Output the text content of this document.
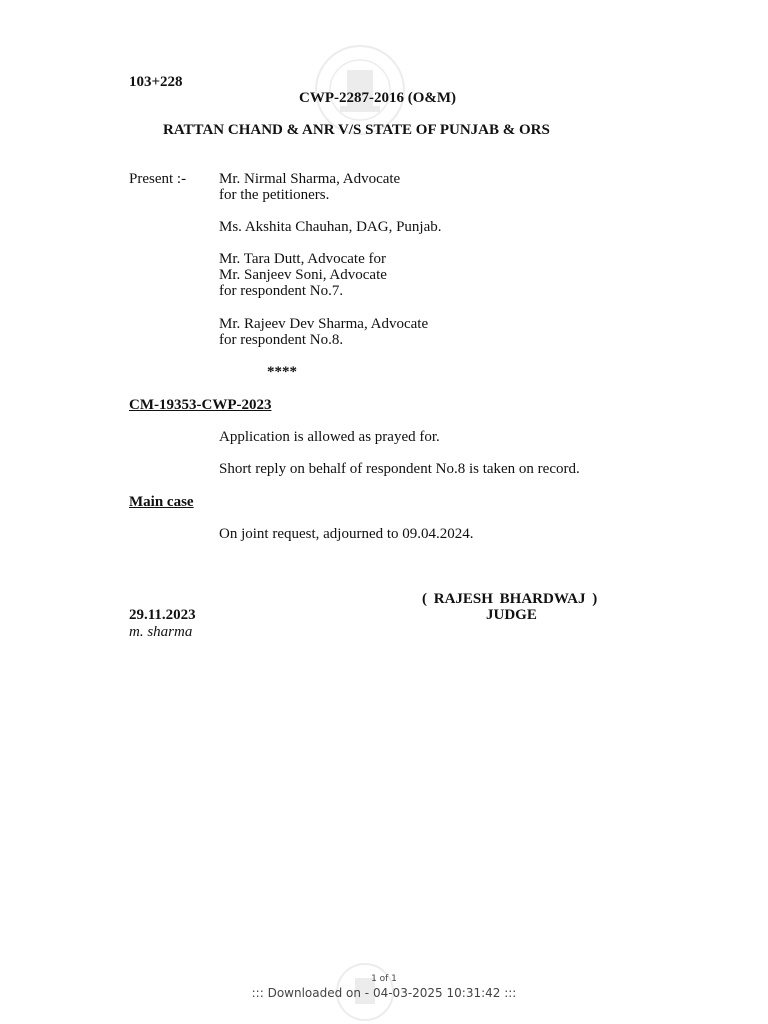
103+228
CWP-2287-2016 (O&M)
RATTAN CHAND & ANR V/S STATE OF PUNJAB & ORS
Present :- Mr. Nirmal Sharma, Advocate
for the petitioners.
Ms. Akshita Chauhan, DAG, Punjab.
Mr. Tara Dutt, Advocate for
Mr. Sanjeev Soni, Advocate
for respondent No.7.
Mr. Rajeev Dev Sharma, Advocate
for respondent No.8.
****
CM-19353-CWP-2023
Application is allowed as prayed for.
Short reply on behalf of respondent No.8 is taken on record.
Main case
On joint request, adjourned to 09.04.2024.
( RAJESH BHARDWAJ )
JUDGE
29.11.2023
m. sharma
1 of 1
::: Downloaded on - 04-03-2025 10:31:42 :::
